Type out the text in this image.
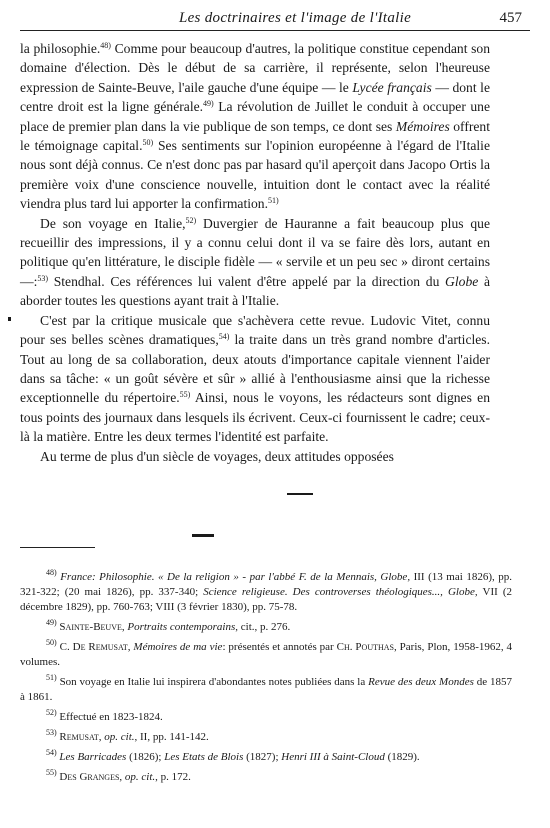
Les doctrinaires et l'image de l'Italie	457

la philosophie.$^{48)}$ Comme pour beaucoup d'autres, la politique constitue cependant son domaine d'élection. Dès le début de sa carrière, il représente, selon l'heureuse expression de Sainte-Beuve, l'aile gauche d'une équipe — le Lycée français — dont le centre droit est la ligne générale.$^{49)}$ La révolution de Juillet le conduit à occuper une place de premier plan dans la vie publique de son temps, ce dont ses Mémoires offrent le témoignage capital.$^{50)}$ Ses sentiments sur l'opinion européenne à l'égard de l'Italie nous sont déjà connus. Ce n'est donc pas par hasard qu'il aperçoit dans Jacopo Ortis la première voix d'une conscience nouvelle, intuition dont le contact avec la réalité viendra plus tard lui apporter la confirmation.$^{51)}$

De son voyage en Italie,$^{52)}$ Duvergier de Hauranne a fait beaucoup plus que recueillir des impressions, il y a connu celui dont il va se faire dès lors, autant en politique qu'en littérature, le disciple fidèle — « servile et un peu sec » diront certains —:$^{53)}$ Stendhal. Ces références lui valent d'être appelé par la direction du Globe à aborder toutes les questions ayant trait à l'Italie.

C'est par la critique musicale que s'achèvera cette revue. Ludovic Vitet, connu pour ses belles scènes dramatiques,$^{54)}$ la traite dans un très grand nombre d'articles. Tout au long de sa collaboration, deux atouts d'importance capitale viennent l'aider dans sa tâche: « un goût sévère et sûr » allié à l'enthousiasme ainsi que la richesse exceptionnelle du répertoire.$^{55)}$ Ainsi, nous le voyons, les rédacteurs sont dignes en tous points des journaux dans lesquels ils écrivent. Ceux-ci fournissent le cadre; ceux-là la matière. Entre les deux termes l'identité est parfaite.

Au terme de plus d'un siècle de voyages, deux attitudes opposées

$^{48)}$ France: Philosophie. « De la religion » - par l'abbé F. de la Mennais, Globe, III (13 mai 1826), pp. 321-322; (20 mai 1826), pp. 337-340; Science religieuse. Des controverses théologiques..., Globe, VII (2 décembre 1829), pp. 760-763; VIII (3 février 1830), pp. 75-78.

$^{49)}$ Sainte-Beuve, Portraits contemporains, cit., p. 276.

$^{50)}$ C. De Remusat, Mémoires de ma vie: présentés et annotés par Ch. Pouthas, Paris, Plon, 1958-1962, 4 volumes.

$^{51)}$ Son voyage en Italie lui inspirera d'abondantes notes publiées dans la Revue des deux Mondes de 1857 à 1861.

$^{52)}$ Effectué en 1823-1824.

$^{53)}$ Remusat, op. cit., II, pp. 141-142.

$^{54)}$ Les Barricades (1826); Les Etats de Blois (1827); Henri III à Saint-Cloud (1829).

$^{55)}$ Des Granges, op. cit., p. 172.
